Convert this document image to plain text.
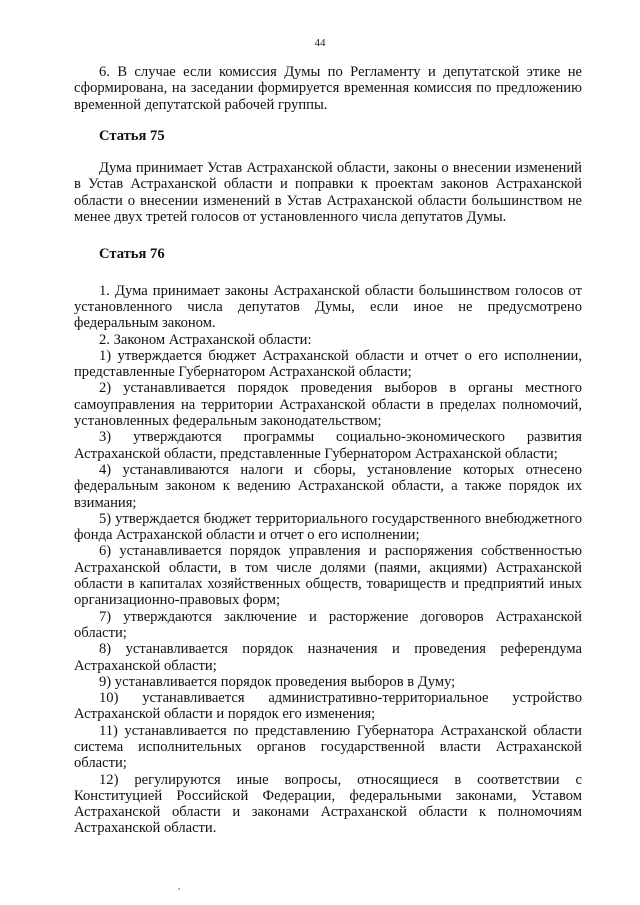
44

6. В случае если комиссия Думы по Регламенту и депутатской этике не сформирована, на заседании формируется временная комиссия по предложению временной депутатской рабочей группы.

Статья 75

Дума принимает Устав Астраханской области, законы о внесении изменений в Устав Астраханской области и поправки к проектам законов Астраханской области о внесении изменений в Устав Астраханской области большинством не менее двух третей голосов от установленного числа депутатов Думы.

Статья 76

1. Дума принимает законы Астраханской области большинством голосов от установленного числа депутатов Думы, если иное не предусмотрено федеральным законом.

2. Законом Астраханской области:

1) утверждается бюджет Астраханской области и отчет о его исполнении, представленные Губернатором Астраханской области;

2) устанавливается порядок проведения выборов в органы местного самоуправления на территории Астраханской области в пределах полномочий, установленных федеральным законодательством;

3) утверждаются программы социально-экономического развития Астраханской области, представленные Губернатором Астраханской области;

4) устанавливаются налоги и сборы, установление которых отнесено федеральным законом к ведению Астраханской области, а также порядок их взимания;

5) утверждается бюджет территориального государственного внебюджетного фонда Астраханской области и отчет о его исполнении;

6) устанавливается порядок управления и распоряжения собственностью Астраханской области, в том числе долями (паями, акциями) Астраханской области в капиталах хозяйственных обществ, товариществ и предприятий иных организационно-правовых форм;

7) утверждаются заключение и расторжение договоров Астраханской области;

8) устанавливается порядок назначения и проведения референдума Астраханской области;

9) устанавливается порядок проведения выборов в Думу;

10) устанавливается административно-территориальное устройство Астраханской области и порядок его изменения;

11) устанавливается по представлению Губернатора Астраханской области система исполнительных органов государственной власти Астраханской области;

12) регулируются иные вопросы, относящиеся в соответствии с Конституцией Российской Федерации, федеральными законами, Уставом Астраханской области и законами Астраханской области к полномочиям Астраханской области.
